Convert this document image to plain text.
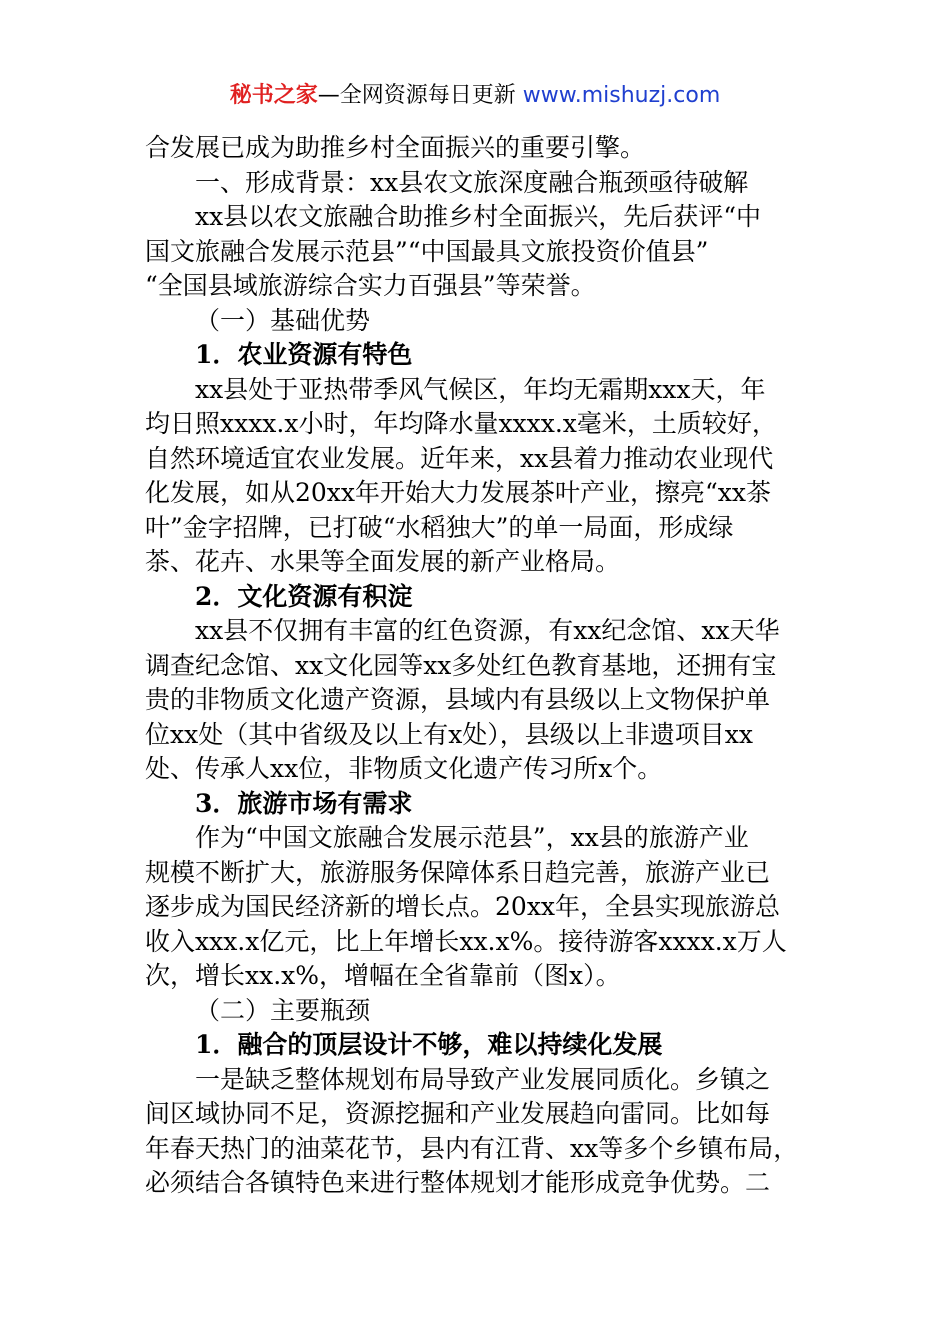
秘书之家—全网资源每日更新 www.mishuzj.com
合发展已成为助推乡村全面振兴的重要引擎。
一、形成背景：xx县农文旅深度融合瓶颈亟待破解
xx县以农文旅融合助推乡村全面振兴，先后获评“中
国文旅融合发展示范县”“中国最具文旅投资价值县”
“全国县域旅游综合实力百强县”等荣誉。
（一）基础优势
1．农业资源有特色
xx县处于亚热带季风气候区，年均无霜期xxx天，年
均日照xxxx.x小时，年均降水量xxxx.x毫米，土质较好，
自然环境适宜农业发展。近年来，xx县着力推动农业现代
化发展，如从20xx年开始大力发展茶叶产业，擦亮“xx茶
叶”金字招牌，已打破“水稻独大”的单一局面，形成绿
茶、花卉、水果等全面发展的新产业格局。
2．文化资源有积淀
xx县不仅拥有丰富的红色资源，有xx纪念馆、xx天华
调查纪念馆、xx文化园等xx多处红色教育基地，还拥有宝
贵的非物质文化遗产资源，县域内有县级以上文物保护单
位xx处（其中省级及以上有x处），县级以上非遗项目xx
处、传承人xx位，非物质文化遗产传习所x个。
3．旅游市场有需求
作为“中国文旅融合发展示范县”，xx县的旅游产业
规模不断扩大，旅游服务保障体系日趋完善，旅游产业已
逐步成为国民经济新的增长点。20xx年，全县实现旅游总
收入xxx.x亿元，比上年增长xx.x%。接待游客xxxx.x万人
次，增长xx.x%，增幅在全省靠前（图x）。
（二）主要瓶颈
1．融合的顶层设计不够，难以持续化发展
一是缺乏整体规划布局导致产业发展同质化。乡镇之
间区域协同不足，资源挖掘和产业发展趋向雷同。比如每
年春天热门的油菜花节，县内有江背、xx等多个乡镇布局，
必须结合各镇特色来进行整体规划才能形成竞争优势。二
